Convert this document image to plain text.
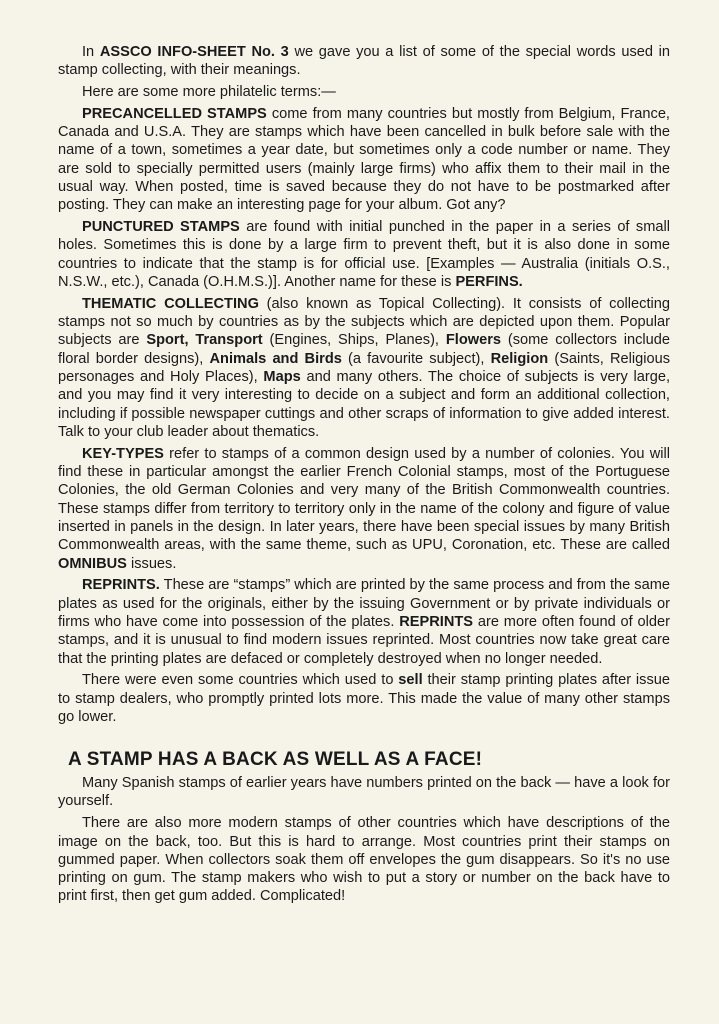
In ASSCO INFO-SHEET No. 3 we gave you a list of some of the special words used in stamp collecting, with their meanings.

Here are some more philatelic terms:—

PRECANCELLED STAMPS come from many countries but mostly from Belgium, France, Canada and U.S.A. They are stamps which have been cancelled in bulk before sale with the name of a town, sometimes a year date, but sometimes only a code number or name. They are sold to specially permitted users (mainly large firms) who affix them to their mail in the usual way. When posted, time is saved because they do not have to be postmarked after posting. They can make an interesting page for your album. Got any?

PUNCTURED STAMPS are found with initial punched in the paper in a series of small holes. Sometimes this is done by a large firm to prevent theft, but it is also done in some countries to indicate that the stamp is for official use. [Examples — Australia (initials O.S., N.S.W., etc.), Canada (O.H.M.S.)]. Another name for these is PERFINS.

THEMATIC COLLECTING (also known as Topical Collecting). It consists of collecting stamps not so much by countries as by the subjects which are depicted upon them. Popular subjects are Sport, Transport (Engines, Ships, Planes), Flowers (some collectors include floral border designs), Animals and Birds (a favourite subject), Religion (Saints, Religious personages and Holy Places), Maps and many others. The choice of subjects is very large, and you may find it very interesting to decide on a subject and form an additional collection, including if possible newspaper cuttings and other scraps of information to give added interest. Talk to your club leader about thematics.

KEY-TYPES refer to stamps of a common design used by a number of colonies. You will find these in particular amongst the earlier French Colonial stamps, most of the Portuguese Colonies, the old German Colonies and very many of the British Commonwealth countries. These stamps differ from territory to territory only in the name of the colony and figure of value inserted in panels in the design. In later years, there have been special issues by many British Commonwealth areas, with the same theme, such as UPU, Coronation, etc. These are called OMNIBUS issues.

REPRINTS. These are “stamps” which are printed by the same process and from the same plates as used for the originals, either by the issuing Government or by private individuals or firms who have come into possession of the plates. REPRINTS are more often found of older stamps, and it is unusual to find modern issues reprinted. Most countries now take great care that the printing plates are defaced or completely destroyed when no longer needed.

There were even some countries which used to sell their stamp printing plates after issue to stamp dealers, who promptly printed lots more. This made the value of many other stamps go lower.

A STAMP HAS A BACK AS WELL AS A FACE!

Many Spanish stamps of earlier years have numbers printed on the back — have a look for yourself.

There are also more modern stamps of other countries which have descriptions of the image on the back, too. But this is hard to arrange. Most countries print their stamps on gummed paper. When collectors soak them off envelopes the gum disappears. So it's no use printing on gum. The stamp makers who wish to put a story or number on the back have to print first, then get gum added. Complicated!
